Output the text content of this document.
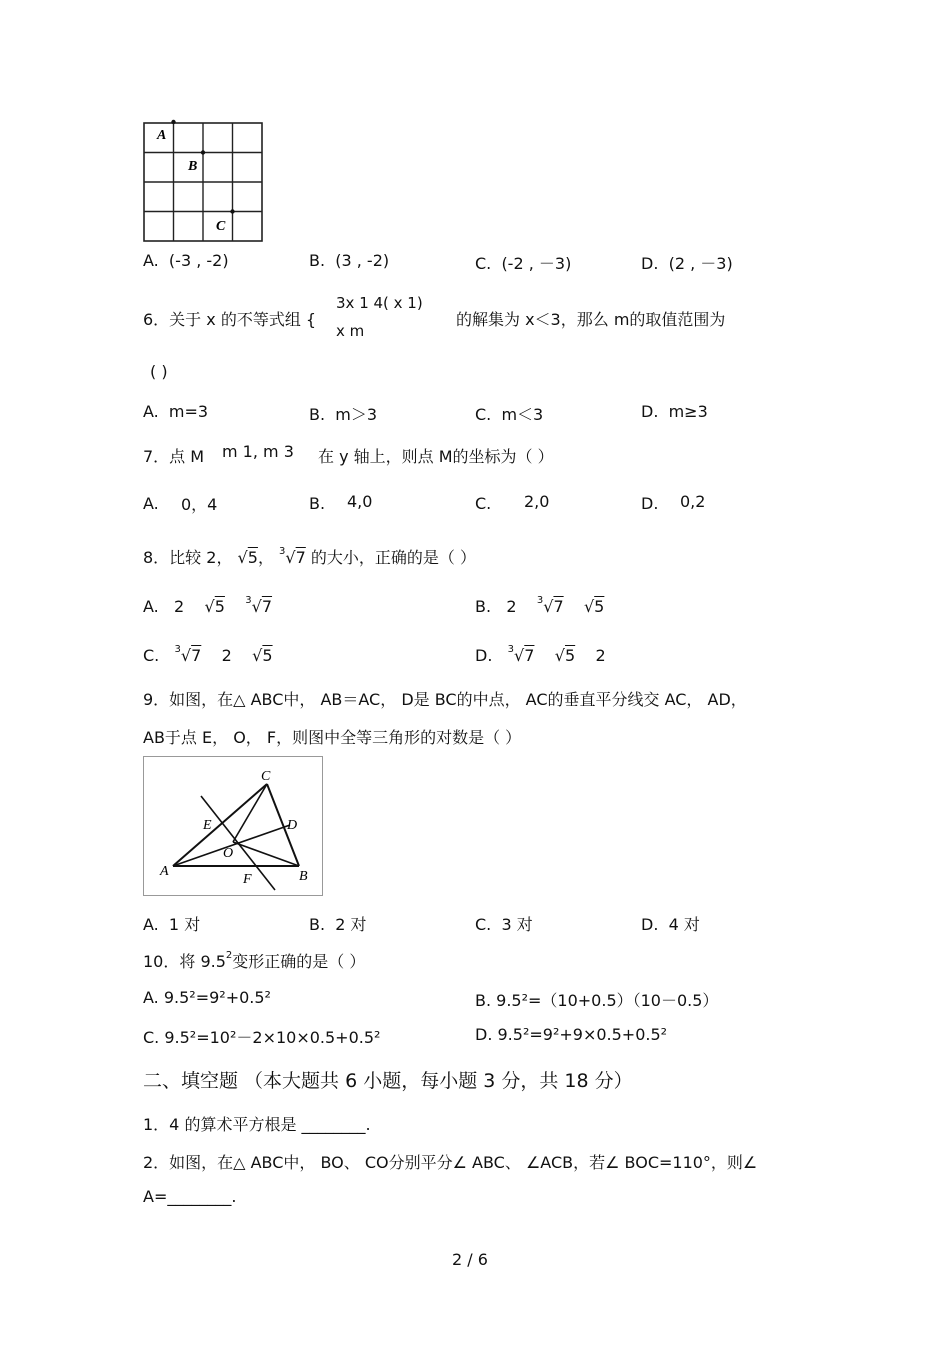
A
B
C
A. (-3 , -2)	B. (3 , -2)	C. (-2 , －3)	D. (2 , －3)
6．关于 x 的不等式组 {
3x 1 4( x 1)
x m
的解集为 x＜3，那么 m的取值范围为
( )
A. m=3	B. m＞3	C. m＜3	D. m≥3
7．点 M m 1, m 3 在 y 轴上，则点 M的坐标为（ ）
A. 0，4	B. 4,0	C. 2,0	D. 0,2
8．比较 2， √5， $^3$√7 的大小，正确的是（ ）
A. 2 √5 $^3$√7	B. 2 $^3$√7 √5
C. $^3$√7 2 √5	D. $^3$√7 √5 2
9．如图，在△ ABC中， AB＝AC， D是 BC的中点， AC的垂直平分线交 AC， AD，
AB于点 E， O， F，则图中全等三角形的对数是（ ）
C
E	D
O
A
F	B
A. 1 对	B. 2 对	C. 3 对	D. 4 对
10．将 $9.5^2$变形正确的是（ ）
A. 9.5²=9²+0.5²	B. 9.5²=（10+0.5）（10－0.5）
C. 9.5²=10²－2×10×0.5+0.5²	D. 9.5²=9²+9×0.5+0.5²
二、填空题 （本大题共 6 小题，每小题 3 分，共 18 分）
1．4 的算术平方根是 ________.
2．如图，在△ ABC中， BO、 CO分别平分∠ ABC、 ∠ACB，若∠ BOC=110°，则∠
A=________.
2 / 6
